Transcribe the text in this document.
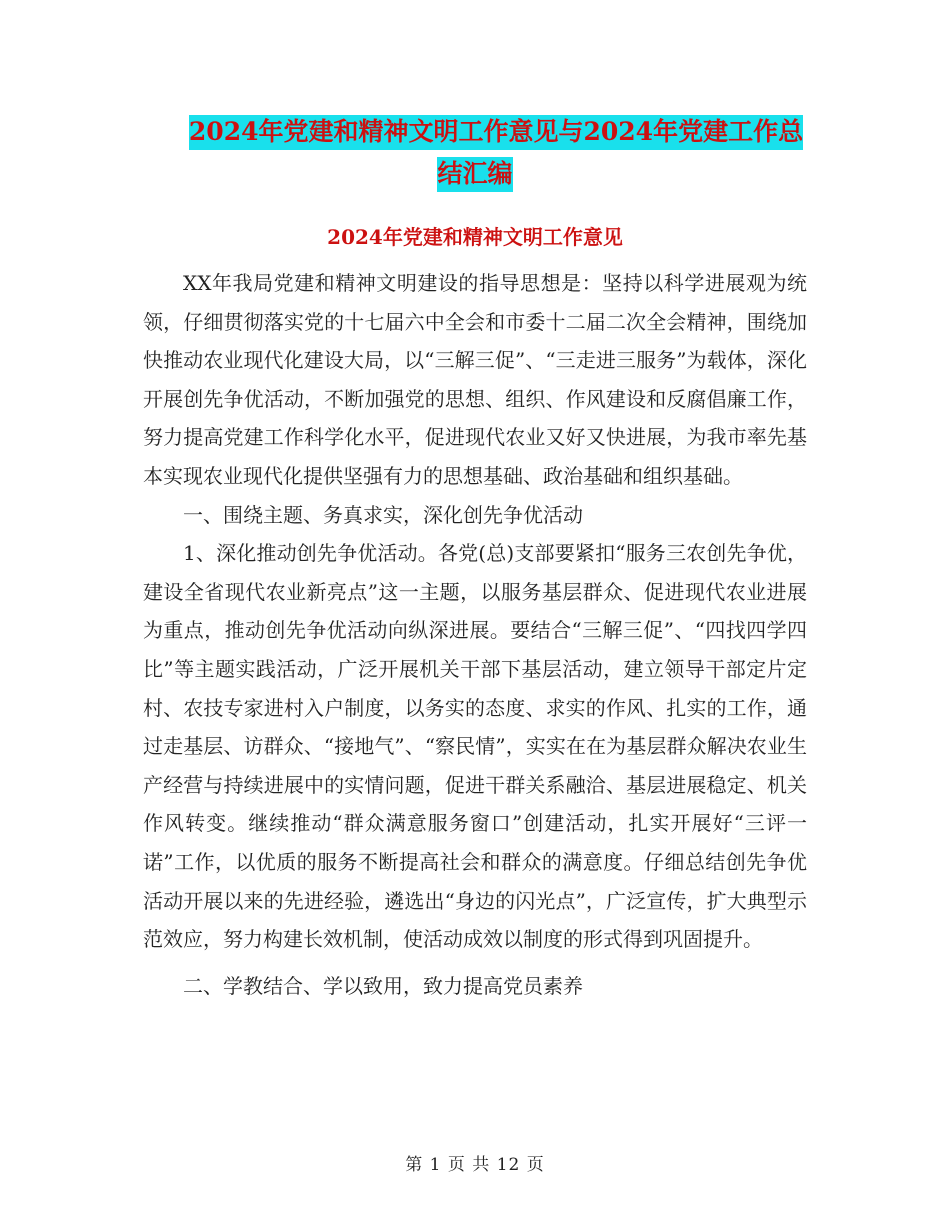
2024年党建和精神文明工作意见与2024年党建工作总
结汇编
2024年党建和精神文明工作意见

XX年我局党建和精神文明建设的指导思想是：坚持以科学进展观为统领，仔细贯彻落实党的十七届六中全会和市委十二届二次全会精神，围绕加快推动农业现代化建设大局，以“三解三促”、“三走进三服务”为载体，深化开展创先争优活动，不断加强党的思想、组织、作风建设和反腐倡廉工作，努力提高党建工作科学化水平，促进现代农业又好又快进展，为我市率先基本实现农业现代化提供坚强有力的思想基础、政治基础和组织基础。

一、围绕主题、务真求实，深化创先争优活动

1、深化推动创先争优活动。各党(总)支部要紧扣“服务三农创先争优，建设全省现代农业新亮点”这一主题，以服务基层群众、促进现代农业进展为重点，推动创先争优活动向纵深进展。要结合“三解三促”、“四找四学四比”等主题实践活动，广泛开展机关干部下基层活动，建立领导干部定片定村、农技专家进村入户制度，以务实的态度、求实的作风、扎实的工作，通过走基层、访群众、“接地气”、“察民情”，实实在在为基层群众解决农业生产经营与持续进展中的实情问题，促进干群关系融洽、基层进展稳定、机关作风转变。继续推动“群众满意服务窗口”创建活动，扎实开展好“三评一诺”工作，以优质的服务不断提高社会和群众的满意度。仔细总结创先争优活动开展以来的先进经验，遴选出“身边的闪光点”，广泛宣传，扩大典型示范效应，努力构建长效机制，使活动成效以制度的形式得到巩固提升。

二、学教结合、学以致用，致力提高党员素养

第 1 页 共 12 页
